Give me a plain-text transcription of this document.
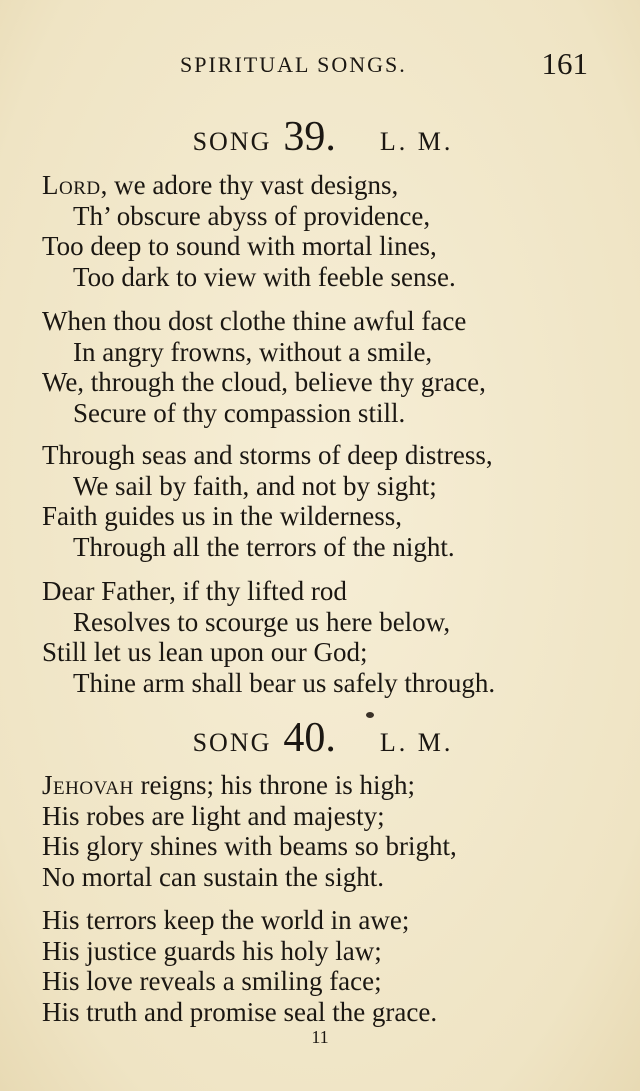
SPIRITUAL SONGS.	161
SONG 39. L. M.
Lord, we adore thy vast designs,
Th’ obscure abyss of providence,
Too deep to sound with mortal lines,
Too dark to view with feeble sense.
When thou dost clothe thine awful face
In angry frowns, without a smile,
We, through the cloud, believe thy grace,
Secure of thy compassion still.
Through seas and storms of deep distress,
We sail by faith, and not by sight;
Faith guides us in the wilderness,
Through all the terrors of the night.
Dear Father, if thy lifted rod
Resolves to scourge us here below,
Still let us lean upon our God;
Thine arm shall bear us safely through.
SONG 40. L. M.
Jehovah reigns; his throne is high;
His robes are light and majesty;
His glory shines with beams so bright,
No mortal can sustain the sight.
His terrors keep the world in awe;
His justice guards his holy law;
His love reveals a smiling face;
His truth and promise seal the grace.
11
